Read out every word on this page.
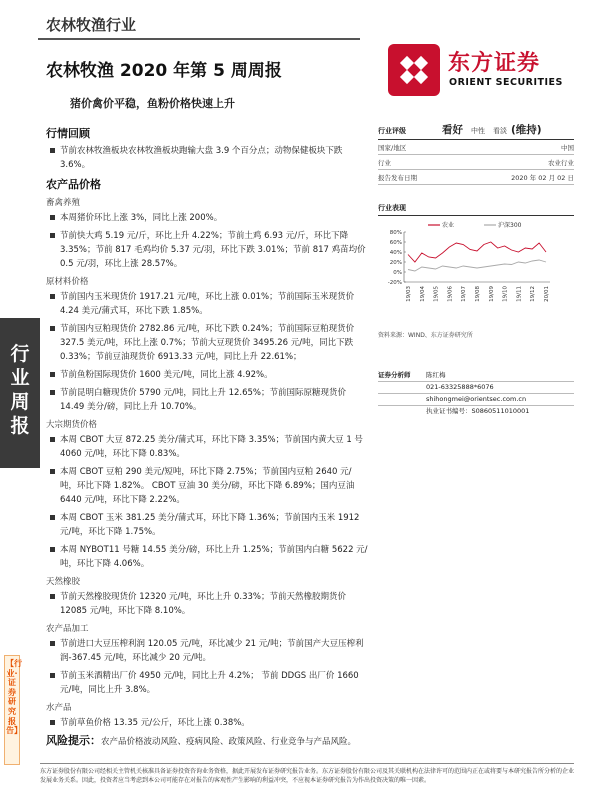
农林牧渔行业
农林牧渔 2020 年第 5 周周报
猪价禽价平稳，鱼粉价格快速上升
东方证券
ORIENT SECURITIES
行业周报
【行业·证券研究报告】
行情回顾
节前农林牧渔板块农林牧渔板块跑输大盘 3.9 个百分点；动物保健板块下跌 3.6%。
农产品价格
畜禽养殖
本周猪价环比上涨 3%，同比上涨 200%。
节前快大鸡 5.19 元/斤，环比上升 4.22%；节前土鸡 6.93 元/斤，环比下降 3.35%；节前 817 毛鸡均价 5.37 元/羽，环比下跌 3.01%；节前 817 鸡苗均价 0.5 元/羽，环比上涨 28.57%。
原材料价格
节前国内玉米现货价 1917.21 元/吨，环比上涨 0.01%；节前国际玉米现货价 4.24 美元/蒲式耳，环比下跌 1.85%。
节前国内豆粕现货价 2782.86 元/吨，环比下跌 0.24%；节前国际豆粕现货价 327.5 美元/吨，环比上涨 0.7%；节前大豆现货价 3495.26 元/吨，同比下跌 0.33%；节前豆油现货价 6913.33 元/吨，同比上升 22.61%；
节前鱼粉国际现货价 1600 美元/吨，同比上涨 4.92%。
节前昆明白糖现货价 5790 元/吨，同比上升 12.65%；节前国际原糖现货价 14.49 美分/磅，同比上升 10.70%。
大宗期货价格
本周 CBOT 大豆 872.25 美分/蒲式耳，环比下降 3.35%；节前国内黄大豆 1 号 4060 元/吨，环比下降 0.83%。
本周 CBOT 豆粕 290 美元/短吨，环比下降 2.75%；节前国内豆粕 2640 元/吨，环比下降 1.82%。 CBOT 豆油 30 美分/磅，环比下降 6.89%；国内豆油 6440 元/吨，环比下降 2.22%。
本周 CBOT 玉米 381.25 美分/蒲式耳，环比下降 1.36%；节前国内玉米 1912 元/吨，环比下降 1.75%。
本周 NYBOT11 号糖 14.55 美分/磅，环比上升 1.25%；节前国内白糖 5622 元/吨，环比下降 4.06%。
天然橡胶
节前天然橡胶现货价 12320 元/吨，环比上升 0.33%；节前天然橡胶期货价 12085 元/吨，环比下降 8.10%。
农产品加工
节前进口大豆压榨利润 120.05 元/吨，环比减少 21 元/吨；节前国产大豆压榨利润-367.45 元/吨，环比减少 20 元/吨。
节前玉米酒精出厂价 4950 元/吨，同比上升 4.2%； 节前 DDGS 出厂价 1660 元/吨，同比上升 3.8%。
水产品
节前草鱼价格 13.35 元/公斤，环比上涨 0.38%。
风险提示：农产品价格波动风险、疫病风险、政策风险、行业竞争与产品风险。
行业评级	看好 中性 看淡 (维持)
国家/地区	中国
行业	农业行业
报告发布日期	2020 年 02 月 02 日
行业表现
80%
60%
40%
20%
0%
-20%
19/03 19/04 19/05 19/06 19/07 19/08 19/09 19/10 19/11 19/12 20/01
农业	沪深300
资料来源：WIND、东方证券研究所
证券分析师	陈红梅
021-63325888*6076
shihongmei@orientsec.com.cn
执业证书编号：S0860511010001
东方证券股份有限公司经相关主管机关核准具备证券投资咨询业务资格，据此开展发布证券研究报告业务。东方证券股份有限公司及其关联机构在法律许可的范围内正在或将要与本研究报告所分析的企业发展业务关系。因此，投资者应当考虑到本公司可能存在对报告的客观性产生影响的利益冲突，不应视本证券研究报告为作出投资决策的唯一因素。
